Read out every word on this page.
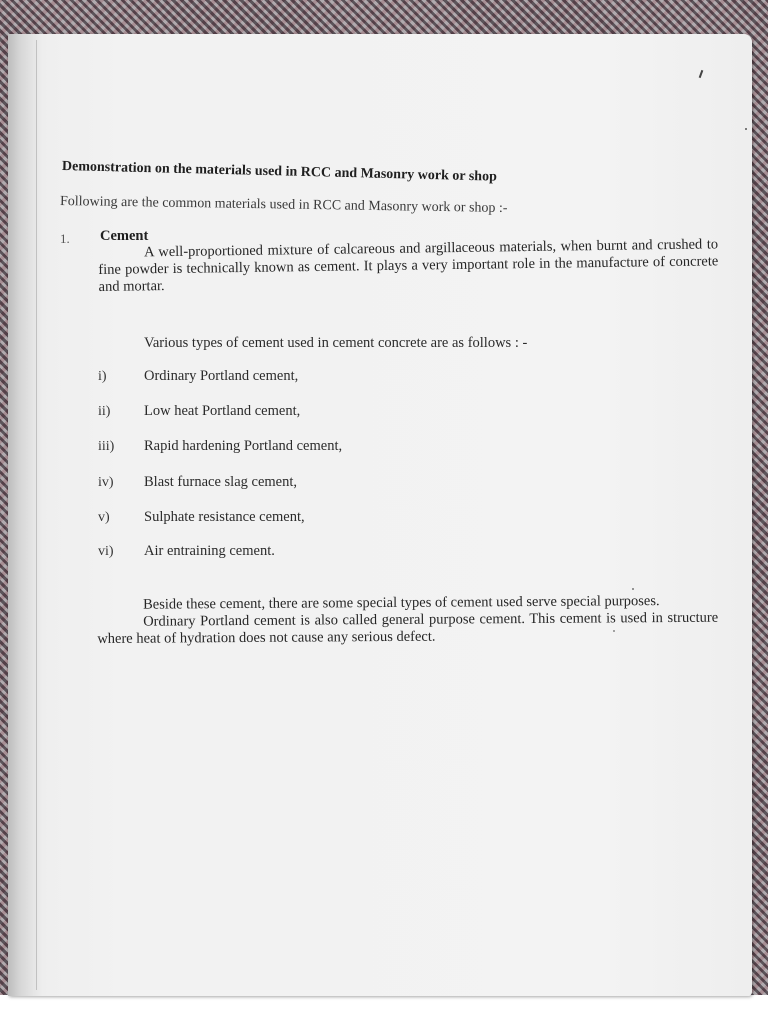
Demonstration on the materials used in RCC and Masonry work or shop
Following are the common materials used in RCC and Masonry work or shop :-
1. Cement
A well-proportioned mixture of calcareous and argillaceous materials, when burnt and crushed to fine powder is technically known as cement. It plays a very important role in the manufacture of concrete and mortar.
Various types of cement used in cement concrete are as follows : -
i)	Ordinary Portland cement,
ii) Low heat Portland cement,
iii) Rapid hardening Portland cement,
iv) Blast furnace slag cement,
v) Sulphate resistance cement,
vi) Air entraining cement.
Beside these cement, there are some special types of cement used serve special purposes.
Ordinary Portland cement is also called general purpose cement. This cement is used in structure where heat of hydration does not cause any serious defect.
